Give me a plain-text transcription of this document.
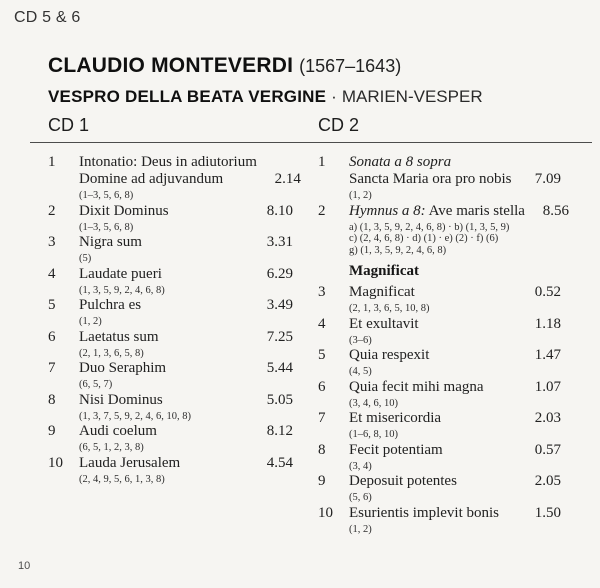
CD 5 & 6
CLAUDIO MONTEVERDI (1567–1643)
VESPRO DELLA BEATA VERGINE · MARIEN-VESPER
CD 1	CD 2
1	Intonatio: Deus in adiutorium
Domine ad adjuvandum	2.14
(1–3, 5, 6, 8)
2	Dixit Dominus	8.10
(1–3, 5, 6, 8)
3	Nigra sum	3.31
(5)
4	Laudate pueri	6.29
(1, 3, 5, 9, 2, 4, 6, 8)
5	Pulchra es	3.49
(1, 2)
6	Laetatus sum	7.25
(2, 1, 3, 6, 5, 8)
7	Duo Seraphim	5.44
(6, 5, 7)
8	Nisi Dominus	5.05
(1, 3, 7, 5, 9, 2, 4, 6, 10, 8)
9	Audi coelum	8.12
(6, 5, 1, 2, 3, 8)
10	Lauda Jerusalem	4.54
(2, 4, 9, 5, 6, 1, 3, 8)
1	Sonata a 8 sopra
Sancta Maria ora pro nobis	7.09
(1, 2)
2	Hymnus a 8: Ave maris stella	8.56
a) (1, 3, 5, 9, 2, 4, 6, 8) · b) (1, 3, 5, 9)
c) (2, 4, 6, 8) · d) (1) · e) (2) · f) (6)
g) (1, 3, 5, 9, 2, 4, 6, 8)
Magnificat
3	Magnificat	0.52
(2, 1, 3, 6, 5, 10, 8)
4	Et exultavit	1.18
(3–6)
5	Quia respexit	1.47
(4, 5)
6	Quia fecit mihi magna	1.07
(3, 4, 6, 10)
7	Et misericordia	2.03
(1–6, 8, 10)
8	Fecit potentiam	0.57
(3, 4)
9	Deposuit potentes	2.05
(5, 6)
10	Esurientis implevit bonis	1.50
(1, 2)
10
